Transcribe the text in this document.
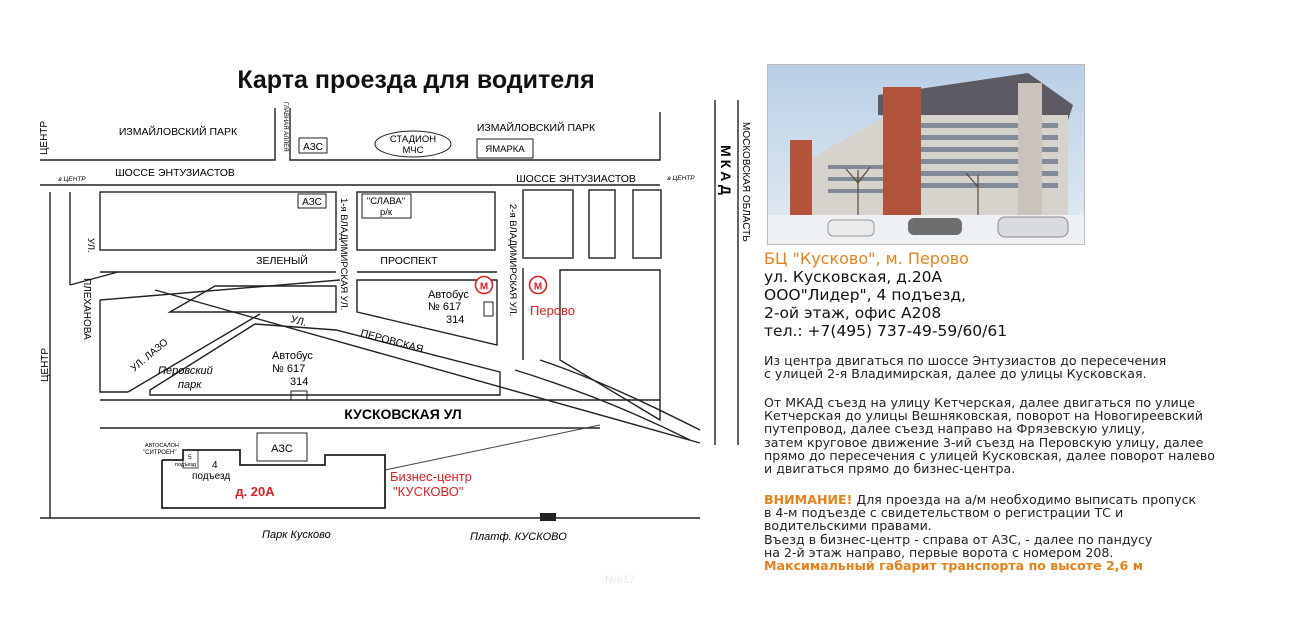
Карта проезда для водителя
АЗС
СТАДИОН
МЧС	ЯМАРКА
ИЗМАЙЛОВСКИЙ ПАРК	ИЗМАЙЛОВСКИЙ ПАРК
ГЛАВНАЯ АЛЛЕЯ
ШОССЕ ЭНТУЗИАСТОВ	ШОССЕ ЭНТУЗИАСТОВ
ЦЕНТР
в ЦЕНТР	в ЦЕНТР
АЗС	"СЛАВА"
р/к
1-я ВЛАДИМИРСКАЯ УЛ.	2-я ВЛАДИМИРСКАЯ УЛ.
УЛ.
ЗЕЛЕНЫЙ	ПРОСПЕКТ
МКАД МОСКОВСКАЯ ОБЛАСТЬ
М	М
Перово
Автобус
№ 617
314
УЛ.
ПЕРОВСКАЯ
УЛ. ЛАЗО
ПЛЕХАНОВА
ЦЕНТР	Перовский
парк
Автобус
№ 617
314
КУСКОВСКАЯ УЛ
АЗС
АВТОСАЛОН
"СИТРОЕН"
5
подъезд 4
подъезд
д. 20А
Бизнес-центр
"КУСКОВО"
Парк Кусково	Платф. КУСКОВО
№617
БЦ "Кусково", м. Перово
ул. Кусковская, д.20А
ООО"Лидер", 4 подъезд,
2-ой этаж, офис А208
тел.: +7(495) 737-49-59/60/61
Из центра двигаться по шоссе Энтузиастов до пересечения
с улицей 2-я Владимирская, далее до улицы Кусковская.
От МКАД съезд на улицу Кетчерская, далее двигаться по улице
Кетчерская до улицы Вешняковская, поворот на Новогиреевский
путепровод, далее съезд направо на Фрязевскую улицу,
затем круговое движение 3-ий съезд на Перовскую улицу, далее
прямо до пересечения с улицей Кусковская, далее поворот налево
и двигаться прямо до бизнес-центра.
ВНИМАНИЕ! Для проезда на а/м необходимо выписать пропуск
в 4-м подъезде с свидетельством о регистрации ТС и
водительскими правами.
Въезд в бизнес-центр - справа от АЗС, - далее по пандусу
на 2-й этаж направо, первые ворота с номером 208.
Максимальный габарит транспорта по высоте 2,6 м
